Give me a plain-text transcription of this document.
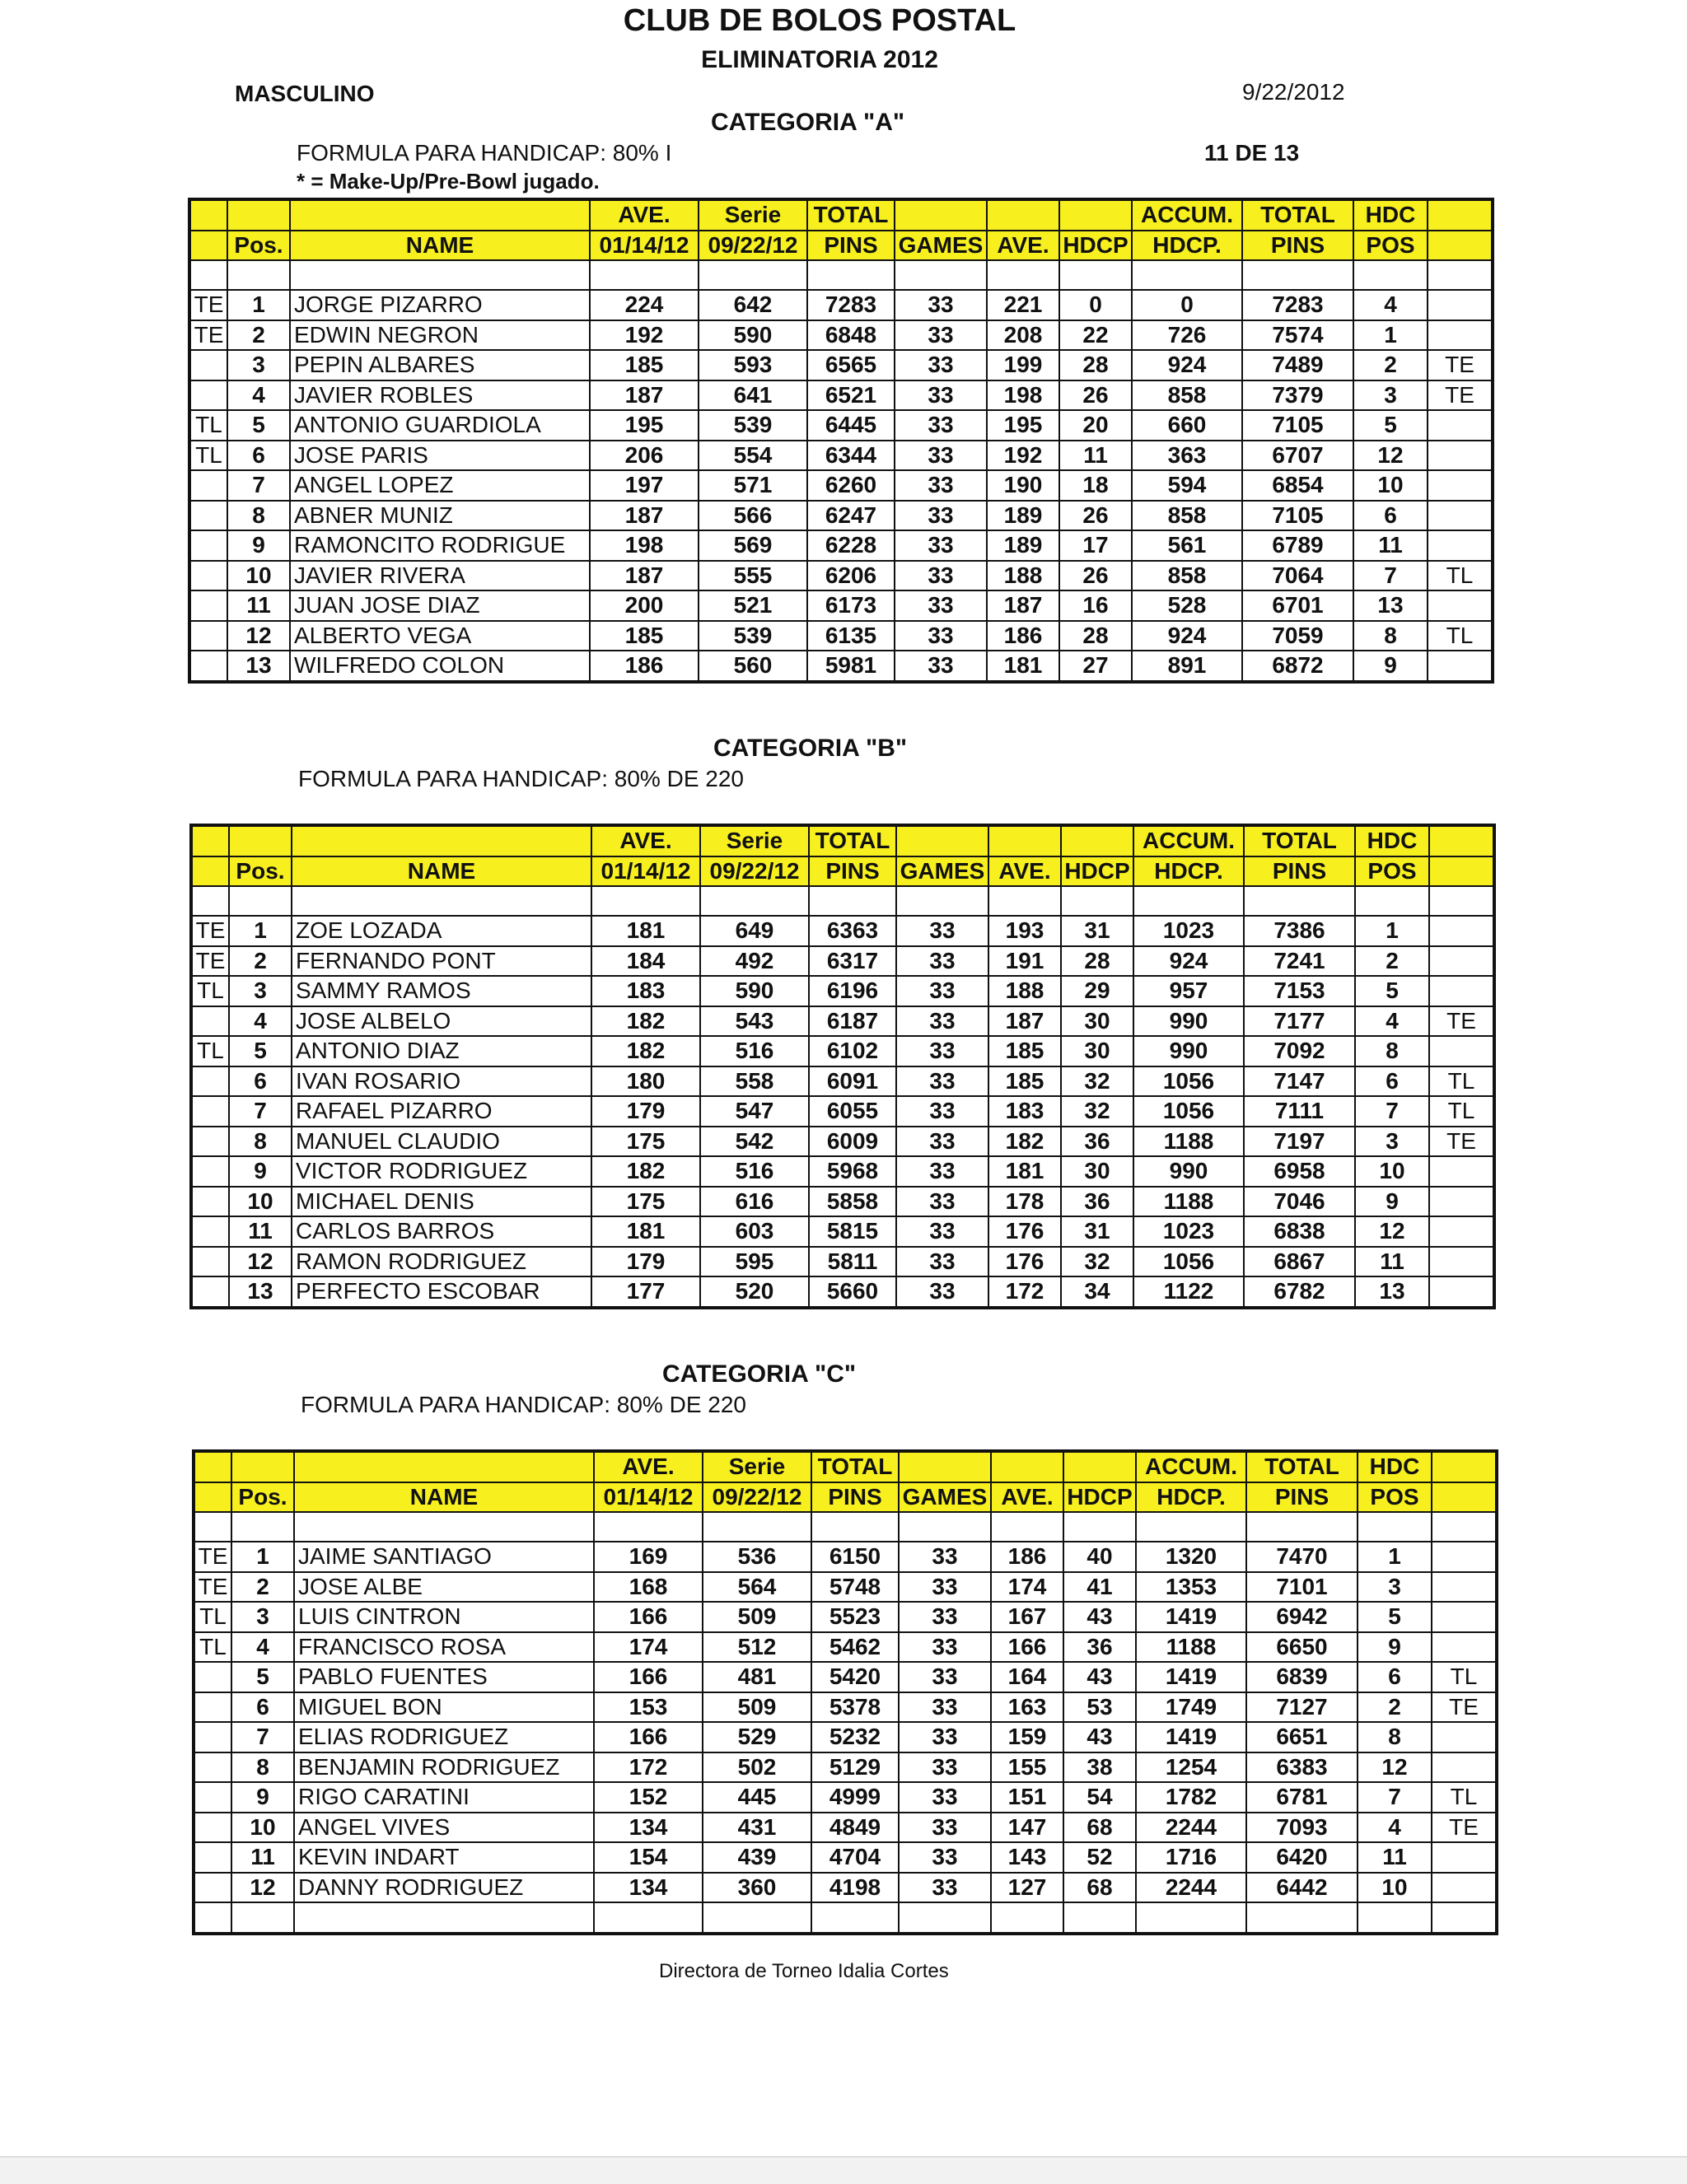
CLUB DE BOLOS POSTAL
ELIMINATORIA 2012
MASCULINO	9/22/2012
CATEGORIA "A"
FORMULA PARA HANDICAP: 80% I	11 DE 13
* = Make-Up/Pre-Bowl jugado.
			AVE.	Serie	TOTAL				ACCUM.	TOTAL	HDC	
	Pos.	NAME	01/14/12	09/22/12	PINS	GAMES	AVE.	HDCP	HDCP.	PINS	POS	

TE	1	JORGE PIZARRO	224	642	7283	33	221	0	0	7283	4	
TE	2	EDWIN NEGRON	192	590	6848	33	208	22	726	7574	1	
	3	PEPIN ALBARES	185	593	6565	33	199	28	924	7489	2	TE
	4	JAVIER ROBLES	187	641	6521	33	198	26	858	7379	3	TE
TL	5	ANTONIO GUARDIOLA	195	539	6445	33	195	20	660	7105	5	
TL	6	JOSE PARIS	206	554	6344	33	192	11	363	6707	12	
	7	ANGEL LOPEZ	197	571	6260	33	190	18	594	6854	10	
	8	ABNER MUNIZ	187	566	6247	33	189	26	858	7105	6	
	9	RAMONCITO RODRIGUE	198	569	6228	33	189	17	561	6789	11	
	10	JAVIER RIVERA	187	555	6206	33	188	26	858	7064	7	TL
	11	JUAN JOSE DIAZ	200	521	6173	33	187	16	528	6701	13	
	12	ALBERTO VEGA	185	539	6135	33	186	28	924	7059	8	TL
	13	WILFREDO COLON	186	560	5981	33	181	27	891	6872	9	
CATEGORIA "B"
FORMULA PARA HANDICAP: 80% DE 220
			AVE.	Serie	TOTAL				ACCUM.	TOTAL	HDC	
	Pos.	NAME	01/14/12	09/22/12	PINS	GAMES	AVE.	HDCP	HDCP.	PINS	POS	

TE	1	ZOE LOZADA	181	649	6363	33	193	31	1023	7386	1	
TE	2	FERNANDO PONT	184	492	6317	33	191	28	924	7241	2	
TL	3	SAMMY RAMOS	183	590	6196	33	188	29	957	7153	5	
	4	JOSE ALBELO	182	543	6187	33	187	30	990	7177	4	TE
TL	5	ANTONIO DIAZ	182	516	6102	33	185	30	990	7092	8	
	6	IVAN ROSARIO	180	558	6091	33	185	32	1056	7147	6	TL
	7	RAFAEL PIZARRO	179	547	6055	33	183	32	1056	7111	7	TL
	8	MANUEL CLAUDIO	175	542	6009	33	182	36	1188	7197	3	TE
	9	VICTOR RODRIGUEZ	182	516	5968	33	181	30	990	6958	10	
	10	MICHAEL DENIS	175	616	5858	33	178	36	1188	7046	9	
	11	CARLOS BARROS	181	603	5815	33	176	31	1023	6838	12	
	12	RAMON RODRIGUEZ	179	595	5811	33	176	32	1056	6867	11	
	13	PERFECTO ESCOBAR	177	520	5660	33	172	34	1122	6782	13	
CATEGORIA "C"
FORMULA PARA HANDICAP: 80% DE 220
			AVE.	Serie	TOTAL				ACCUM.	TOTAL	HDC	
	Pos.	NAME	01/14/12	09/22/12	PINS	GAMES	AVE.	HDCP	HDCP.	PINS	POS	

TE	1	JAIME SANTIAGO	169	536	6150	33	186	40	1320	7470	1	
TE	2	JOSE ALBE	168	564	5748	33	174	41	1353	7101	3	
TL	3	LUIS CINTRON	166	509	5523	33	167	43	1419	6942	5	
TL	4	FRANCISCO ROSA	174	512	5462	33	166	36	1188	6650	9	
	5	PABLO FUENTES	166	481	5420	33	164	43	1419	6839	6	TL
	6	MIGUEL BON	153	509	5378	33	163	53	1749	7127	2	TE
	7	ELIAS RODRIGUEZ	166	529	5232	33	159	43	1419	6651	8	
	8	BENJAMIN RODRIGUEZ	172	502	5129	33	155	38	1254	6383	12	
	9	RIGO CARATINI	152	445	4999	33	151	54	1782	6781	7	TL
	10	ANGEL VIVES	134	431	4849	33	147	68	2244	7093	4	TE
	11	KEVIN INDART	154	439	4704	33	143	52	1716	6420	11	
	12	DANNY RODRIGUEZ	134	360	4198	33	127	68	2244	6442	10	

Directora de Torneo Idalia Cortes
